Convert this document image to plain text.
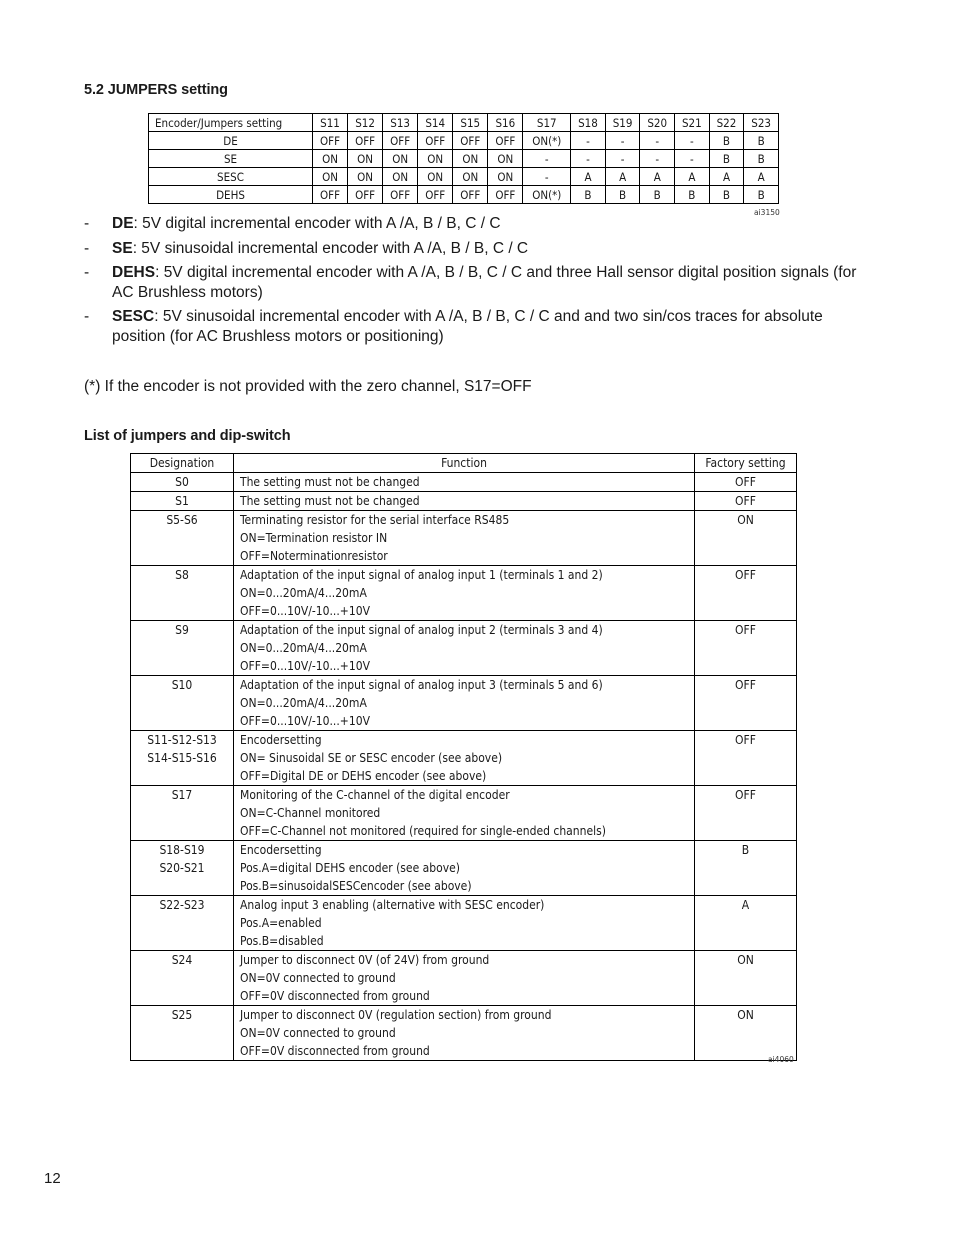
5.2 JUMPERS setting
Encoder/Jumpers setting	S11	S12	S13	S14	S15	S16	S17	S18	S19	S20	S21	S22	S23
DE	OFF	OFF	OFF	OFF	OFF	OFF	ON(*)	-	-	-	-	B	B
SE	ON	ON	ON	ON	ON	ON	-	-	-	-	-	B	B
SESC	ON	ON	ON	ON	ON	ON	-	A	A	A	A	A	A
DEHS	OFF	OFF	OFF	OFF	OFF	OFF	ON(*)	B	B	B	B	B	B
ai3150
- DE: 5V digital incremental encoder with A /A, B / B, C / C
- SE: 5V sinusoidal incremental encoder with A /A, B / B, C / C
- DEHS: 5V digital incremental encoder with A /A, B / B, C / C and three Hall sensor digital position signals (for AC Brushless motors)
- SESC: 5V sinusoidal incremental encoder with A /A, B / B, C / C and and two sin/cos traces for absolute position (for AC Brushless motors or positioning)
(*) If the encoder is not provided with the zero channel, S17=OFF
List of jumpers and dip-switch
Designation	Function	Factory setting

S0	The setting must not be changed	OFF

S1	The setting must not be changed	OFF

S5-S6	Terminating resistor for the serial interface RS485
ON=Termination resistor IN
OFF=Noterminationresistor	ON

S8	Adaptation of the input signal of analog input 1 (terminals 1 and 2)
ON=0...20mA/4...20mA
OFF=0...10V/-10...+10V	OFF

S9	Adaptation of the input signal of analog input 2 (terminals 3 and 4)
ON=0...20mA/4...20mA
OFF=0...10V/-10...+10V	OFF

S10	Adaptation of the input signal of analog input 3 (terminals 5 and 6)
ON=0...20mA/4...20mA
OFF=0...10V/-10...+10V	OFF

S11-S12-S13
S14-S15-S16	Encodersetting
ON= Sinusoidal SE or SESC encoder (see above)
OFF=Digital DE or DEHS encoder (see above)	OFF

S17	Monitoring of the C-channel of the digital encoder
ON=C-Channel monitored
OFF=C-Channel not monitored (required for single-ended channels)	OFF

S18-S19
S20-S21	Encodersetting
Pos.A=digital DEHS encoder (see above)
Pos.B=sinusoidalSESCencoder (see above)	B

S22-S23	Analog input 3 enabling (alternative with SESC encoder)
Pos.A=enabled
Pos.B=disabled	A

S24	Jumper to disconnect 0V (of 24V) from ground
ON=0V connected to ground
OFF=0V disconnected from ground	ON

S25	Jumper to disconnect 0V (regulation section) from ground
ON=0V connected to ground
OFF=0V disconnected from ground	ON
ai4060
12
